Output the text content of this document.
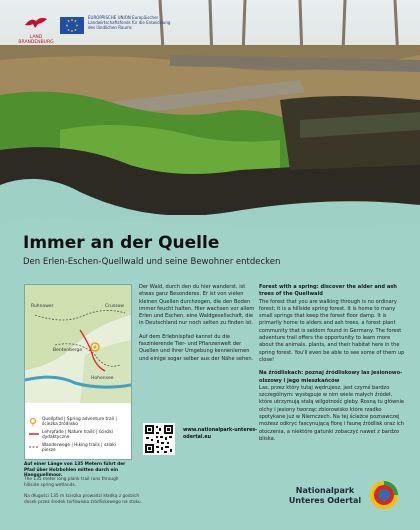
LAND BRANDENBURG
EUROPÄISCHE UNION Europäischer Landwirtschaftsfonds für die Entwicklung des ländlichen Raums
Immer an der Quelle
Den Erlen-Eschen-Quellwald und seine Bewohner entdecken
Ruhnower	Crussow
Bentenberge
Hohensee
Quellpfad | Spring adventure trail | ścieżka źródlisko
Lehrpfade | Nature trails | ścieżki dydaktyczne
Wanderwege | Hiking trails | szlaki piesze
Auf einer Länge von 135 Metern führt der Pfad über Holzbohlen mitten durch ein Hangquellmoor.
The 135 meter long plank trail runs through hillside spring wetlands.
Na długości 135 m ścieżka prowadzi kładką z godzich desek przez środek torfowiska źródliskowego na stoku.

Der Wald, durch den du hier wanderst, ist etwas ganz Besonderes. Er ist von vielen kleinen Quellen durchzogen, die den Boden immer feucht halten. Hier wachsen vor allem Erlen und Eschen, eine Waldgesellschaft, die in Deutschland nur noch selten zu finden ist.

Auf dem Erlebnispfad kannst du die faszinierende Tier- und Pflanzenwelt der Quellen und ihrer Umgebung kennenlernen und einige sogar selber aus der Nähe sehen.

Forest with a spring: discover the alder and ash trees of the Quellwald

The forest that you are walking through is no ordinary forest; it is a hillside spring forest. It is home to many small springs that keep the forest floor damp. It is primarily home to alders and ash trees, a forest plant community that is seldom found in Germany. The forest adventure trail offers the opportunity to learn more about the animals, plants, and their habitat here in the spring forest. You'll even be able to see some of them up close!

Na źródliskach: poznaj źródliskowy las jesionowo-olszowy i jego mieszkańców

Las, przez który tutaj wędrujesz, jest czymś bardzo szczególnym: występuje w nim wiele małych źródeł, które utrzymują stałą wilgotność gleby. Rosną tu głównie olchy i jesiony tworząc zbiorowisko które rzadko spotykane już w Niemczech. Na tej ścieżce poznawczej możesz odkryć fascynującą florę i faunę źródlisk oraz ich otoczenia, a niektóre gatunki zobaczyć nawet z bardzo bliska.

www.nationalpark-unteres-odertal.eu
Nationalpark Unteres Odertal
